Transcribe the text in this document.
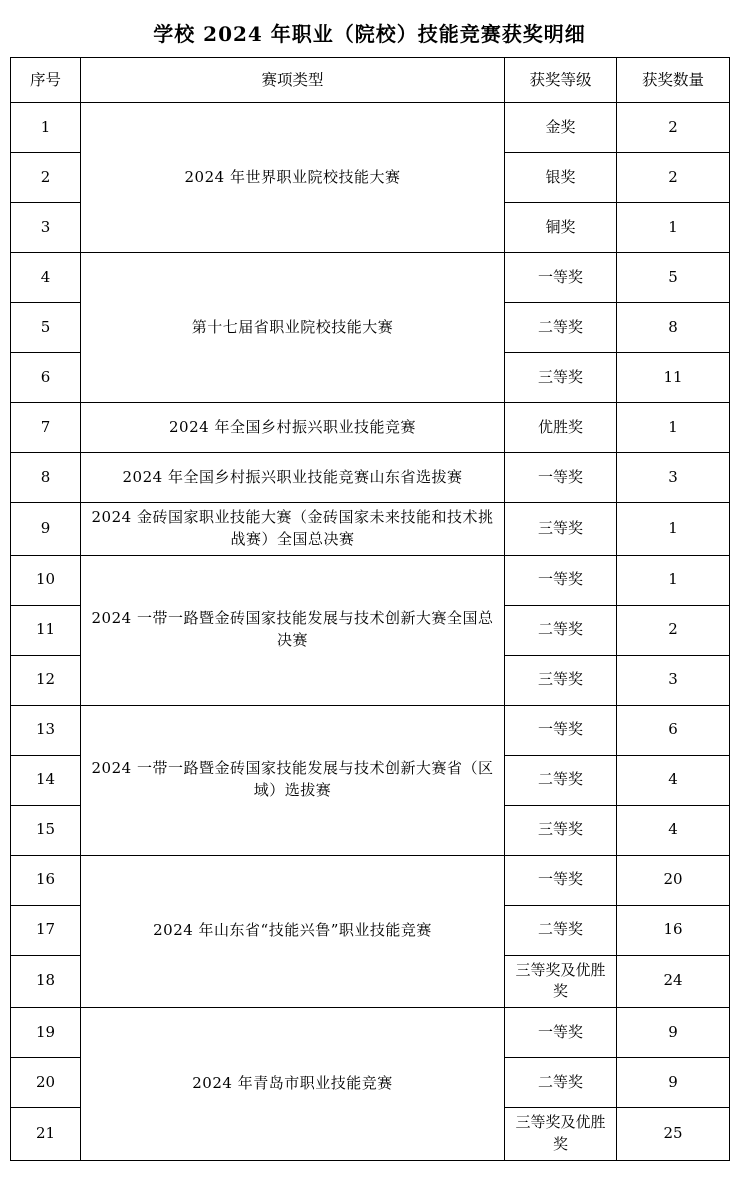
学校 2024 年职业（院校）技能竞赛获奖明细
序号	赛项类型	获奖等级	获奖数量
1	2024 年世界职业院校技能大赛	金奖	2
2		银奖	2
3		铜奖	1
4	第十七届省职业院校技能大赛	一等奖	5
5		二等奖	8
6		三等奖	11
7	2024 年全国乡村振兴职业技能竞赛	优胜奖	1
8	2024 年全国乡村振兴职业技能竞赛山东省选拔赛	一等奖	3
9	2024 金砖国家职业技能大赛（金砖国家未来技能和技术挑战赛）全国总决赛	三等奖	1
10	2024 一带一路暨金砖国家技能发展与技术创新大赛全国总决赛	一等奖	1
11		二等奖	2
12		三等奖	3
13	2024 一带一路暨金砖国家技能发展与技术创新大赛省（区域）选拔赛	一等奖	6
14		二等奖	4
15		三等奖	4
16	2024 年山东省“技能兴鲁”职业技能竞赛	一等奖	20
17		二等奖	16
18		三等奖及优胜奖	24
19	2024 年青岛市职业技能竞赛	一等奖	9
20		二等奖	9
21		三等奖及优胜奖	25
